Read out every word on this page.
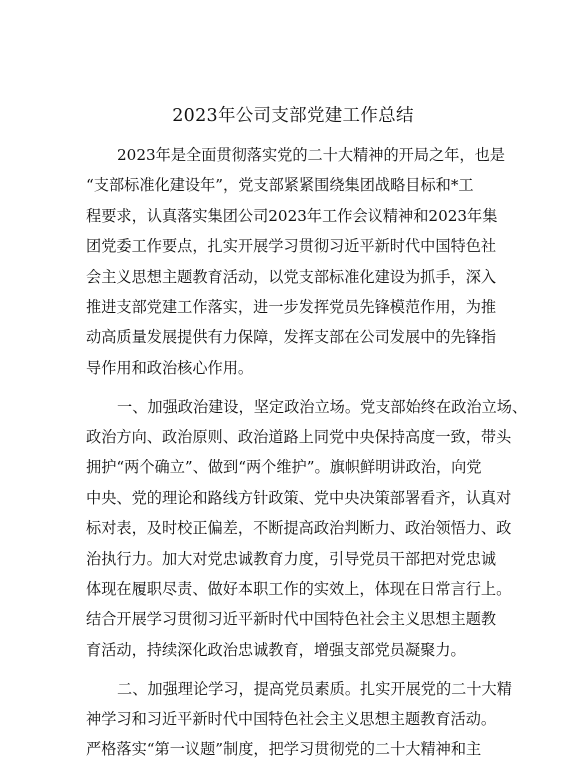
2023年公司支部党建工作总结
2023年是全面贯彻落实党的二十大精神的开局之年，也是
“支部标准化建设年”，党支部紧紧围绕集团战略目标和*工
程要求，认真落实集团公司2023年工作会议精神和2023年集
团党委工作要点，扎实开展学习贯彻习近平新时代中国特色社
会主义思想主题教育活动，以党支部标准化建设为抓手，深入
推进支部党建工作落实，进一步发挥党员先锋模范作用，为推
动高质量发展提供有力保障，发挥支部在公司发展中的先锋指
导作用和政治核心作用。
一、加强政治建设，坚定政治立场。党支部始终在政治立场、
政治方向、政治原则、政治道路上同党中央保持高度一致，带头
拥护“两个确立”、做到“两个维护”。旗帜鲜明讲政治，向党
中央、党的理论和路线方针政策、党中央决策部署看齐，认真对
标对表，及时校正偏差，不断提高政治判断力、政治领悟力、政
治执行力。加大对党忠诚教育力度，引导党员干部把对党忠诚
体现在履职尽责、做好本职工作的实效上，体现在日常言行上。
结合开展学习贯彻习近平新时代中国特色社会主义思想主题教
育活动，持续深化政治忠诚教育，增强支部党员凝聚力。
二、加强理论学习，提高党员素质。扎实开展党的二十大精
神学习和习近平新时代中国特色社会主义思想主题教育活动。
严格落实“第一议题”制度，把学习贯彻党的二十大精神和主
